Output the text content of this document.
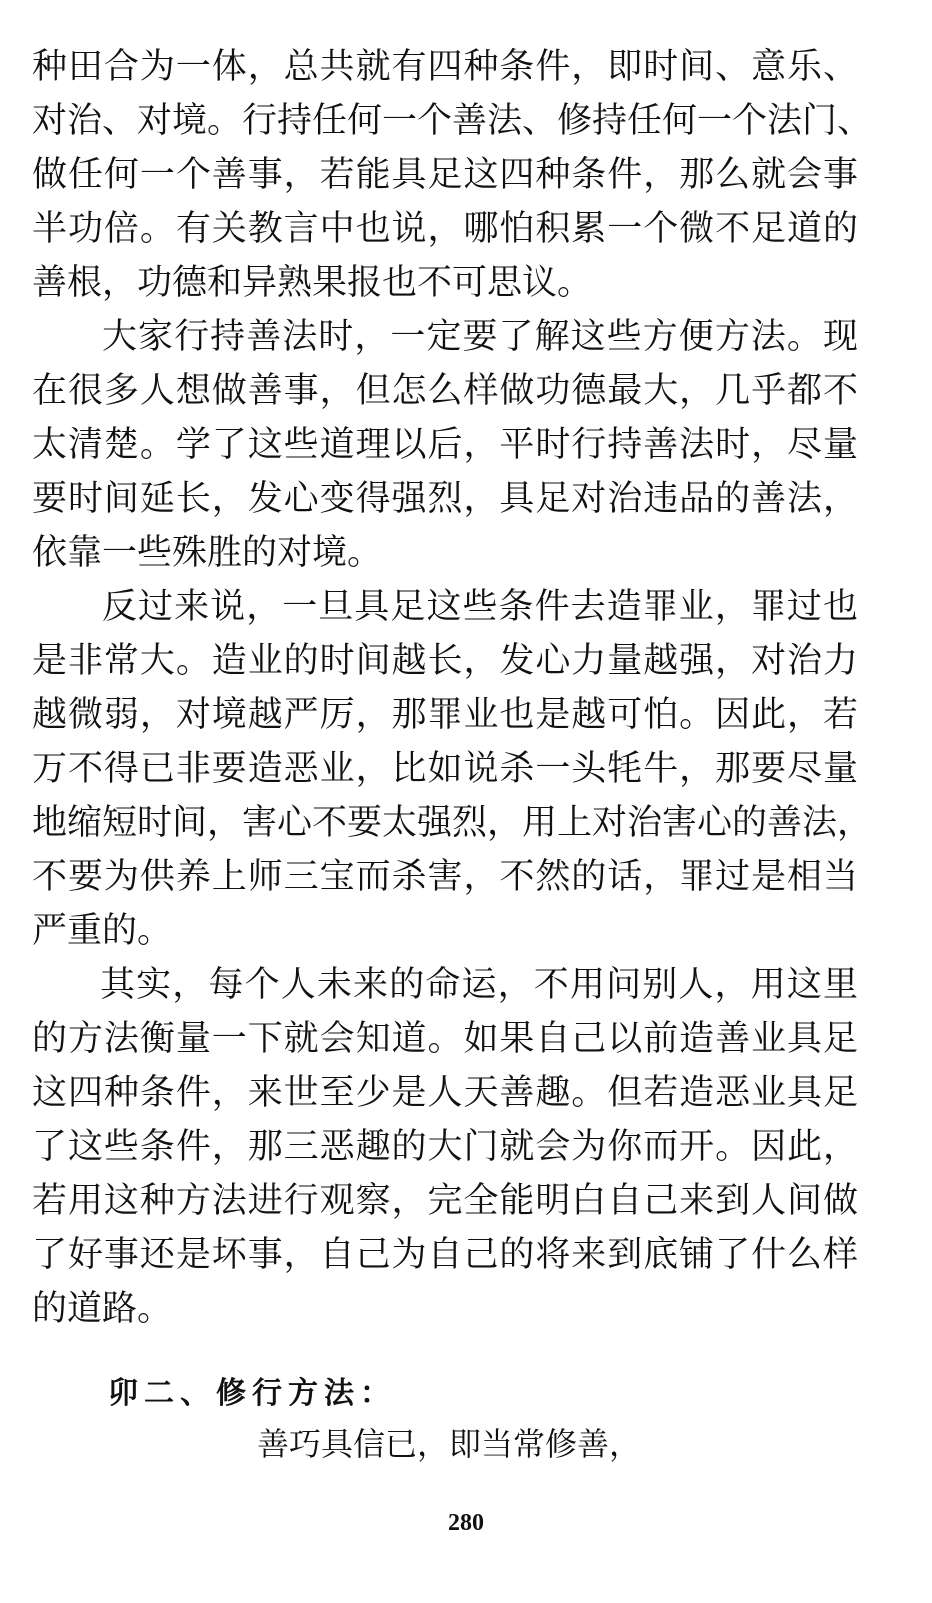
种田合为一体，总共就有四种条件，即时间、意乐、
对治、对境。行持任何一个善法、修持任何一个法门、
做任何一个善事，若能具足这四种条件，那么就会事
半功倍。有关教言中也说，哪怕积累一个微不足道的
善根，功德和异熟果报也不可思议。
大家行持善法时，一定要了解这些方便方法。现
在很多人想做善事，但怎么样做功德最大，几乎都不
太清楚。学了这些道理以后，平时行持善法时，尽量
要时间延长，发心变得强烈，具足对治违品的善法，
依靠一些殊胜的对境。
反过来说，一旦具足这些条件去造罪业，罪过也
是非常大。造业的时间越长，发心力量越强，对治力
越微弱，对境越严厉，那罪业也是越可怕。因此，若
万不得已非要造恶业，比如说杀一头牦牛，那要尽量
地缩短时间，害心不要太强烈，用上对治害心的善法，
不要为供养上师三宝而杀害，不然的话，罪过是相当
严重的。
其实，每个人未来的命运，不用问别人，用这里
的方法衡量一下就会知道。如果自己以前造善业具足
这四种条件，来世至少是人天善趣。但若造恶业具足
了这些条件，那三恶趣的大门就会为你而开。因此，
若用这种方法进行观察，完全能明白自己来到人间做
了好事还是坏事，自己为自己的将来到底铺了什么样
的道路。
卯二、修行方法：
善巧具信已，即当常修善，
280
